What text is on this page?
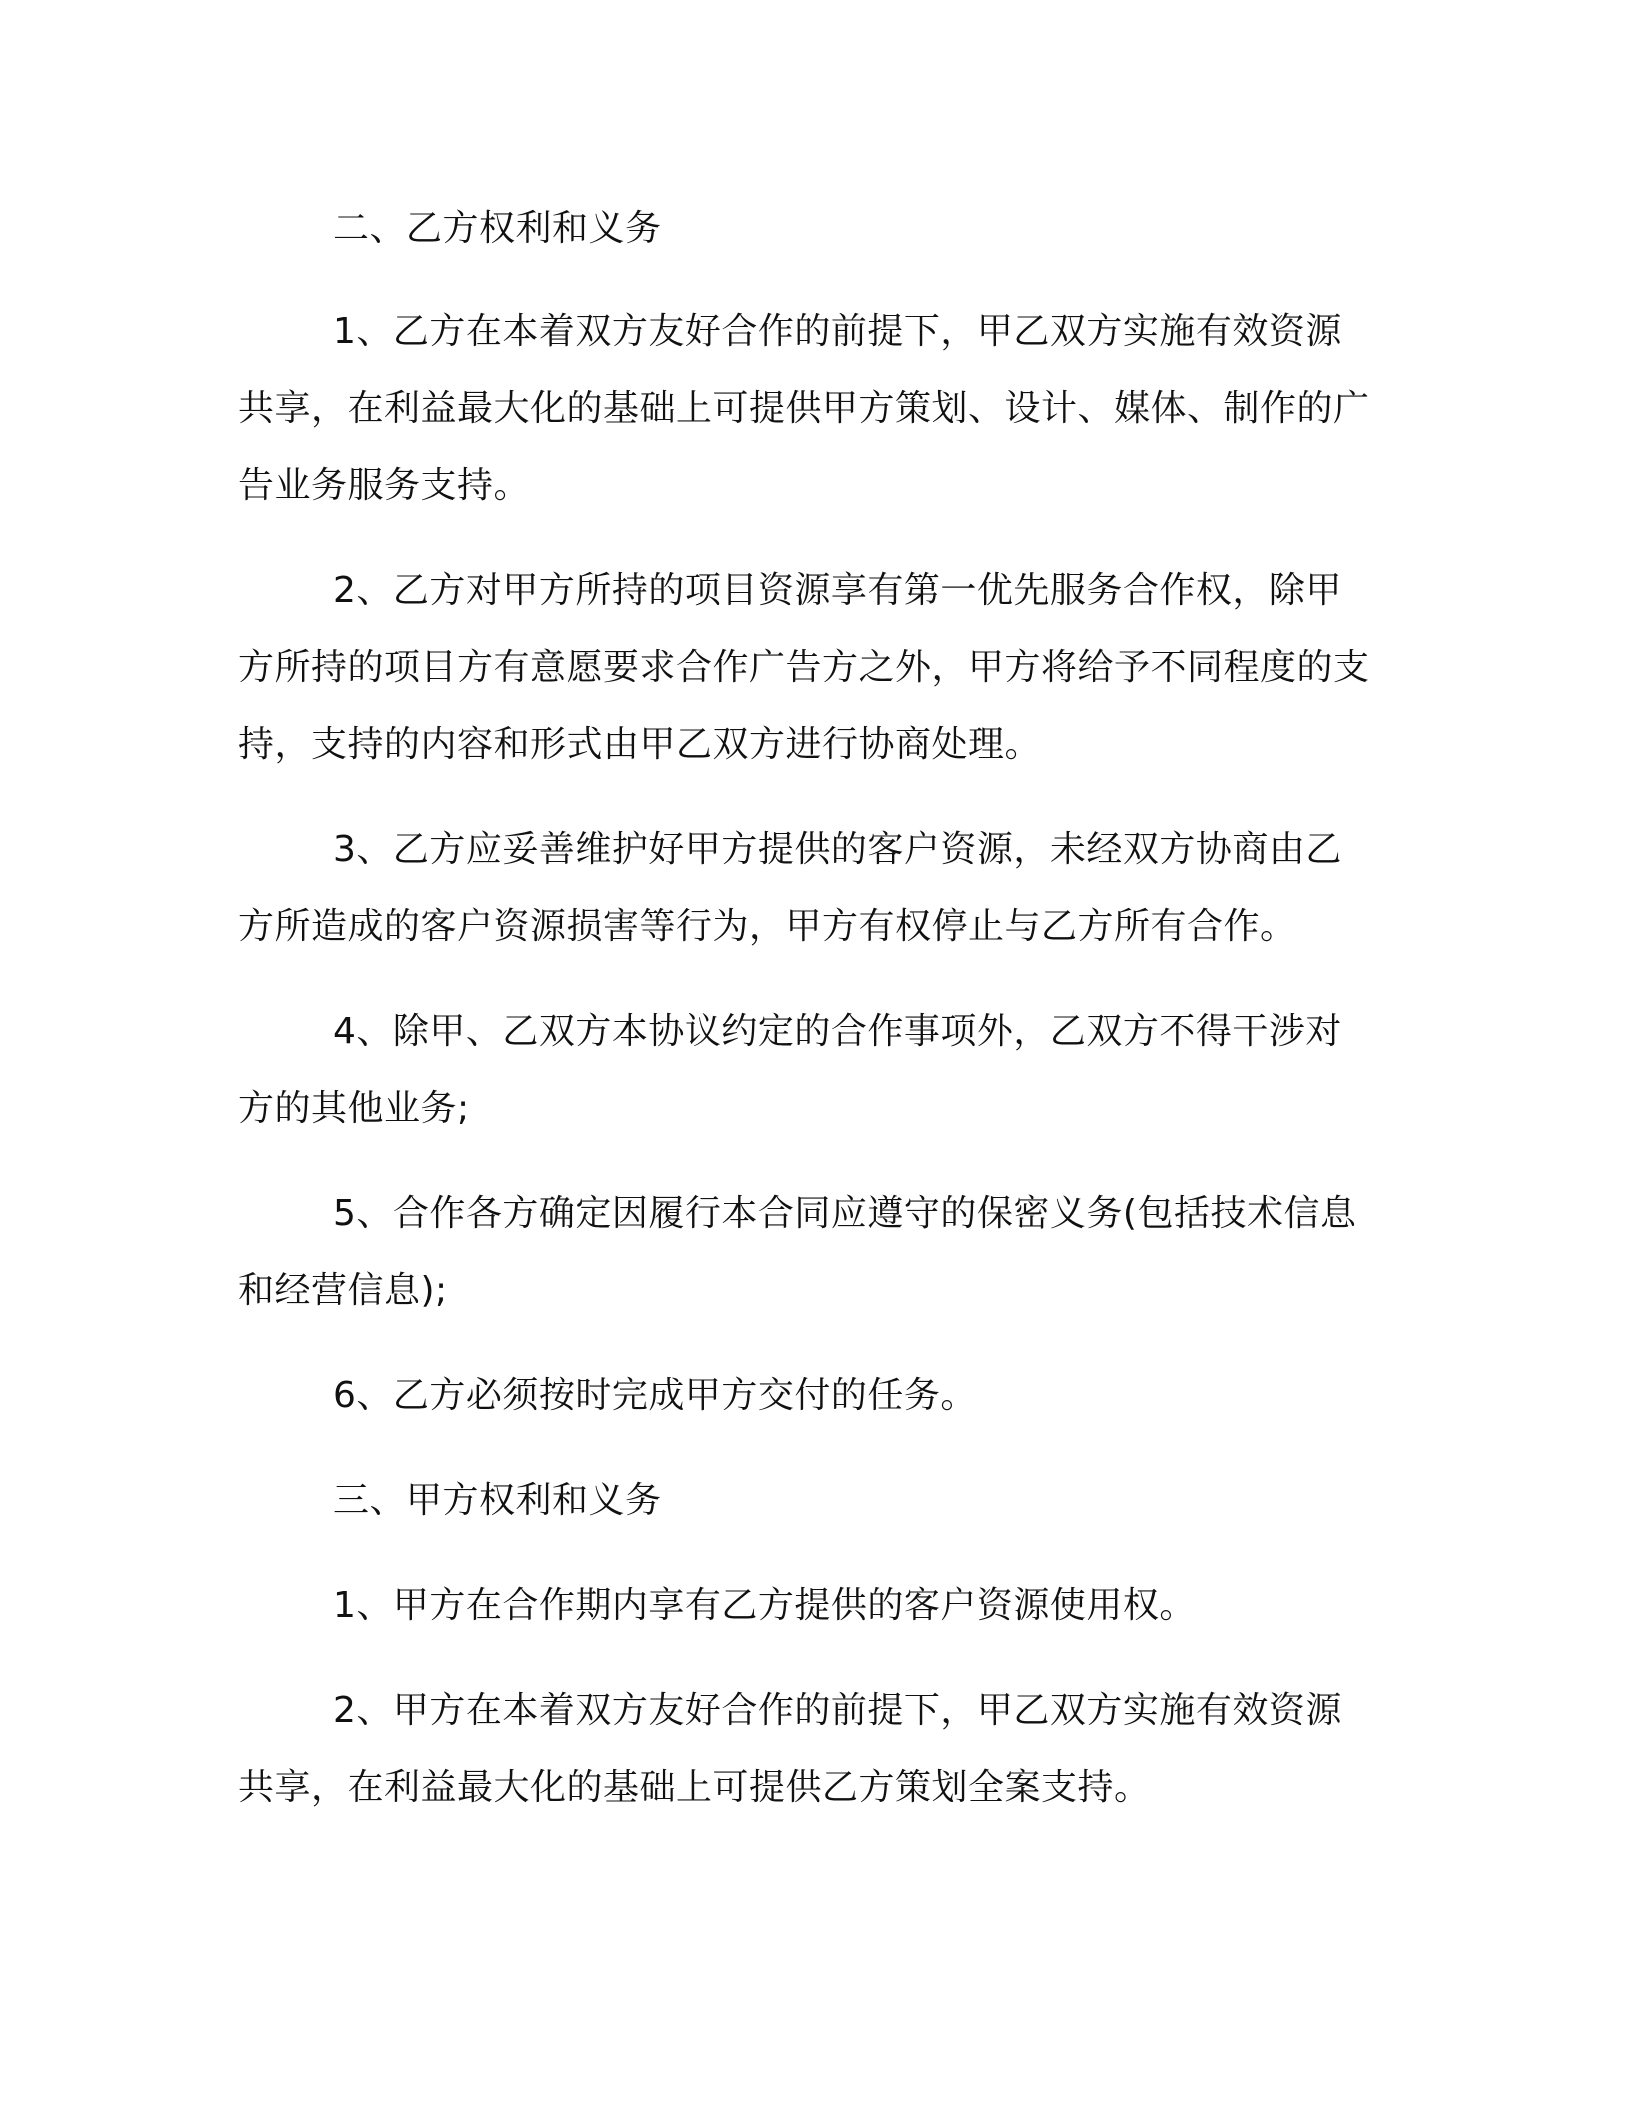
二、乙方权利和义务

1、乙方在本着双方友好合作的前提下，甲乙双方实施有效资源共享，在利益最大化的基础上可提供甲方策划、设计、媒体、制作的广告业务服务支持。

2、乙方对甲方所持的项目资源享有第一优先服务合作权，除甲方所持的项目方有意愿要求合作广告方之外，甲方将给予不同程度的支持，支持的内容和形式由甲乙双方进行协商处理。

3、乙方应妥善维护好甲方提供的客户资源，未经双方协商由乙方所造成的客户资源损害等行为，甲方有权停止与乙方所有合作。

4、除甲、乙双方本协议约定的合作事项外，乙双方不得干涉对方的其他业务;

5、合作各方确定因履行本合同应遵守的保密义务(包括技术信息和经营信息);

6、乙方必须按时完成甲方交付的任务。

三、甲方权利和义务

1、甲方在合作期内享有乙方提供的客户资源使用权。

2、甲方在本着双方友好合作的前提下，甲乙双方实施有效资源共享，在利益最大化的基础上可提供乙方策划全案支持。
